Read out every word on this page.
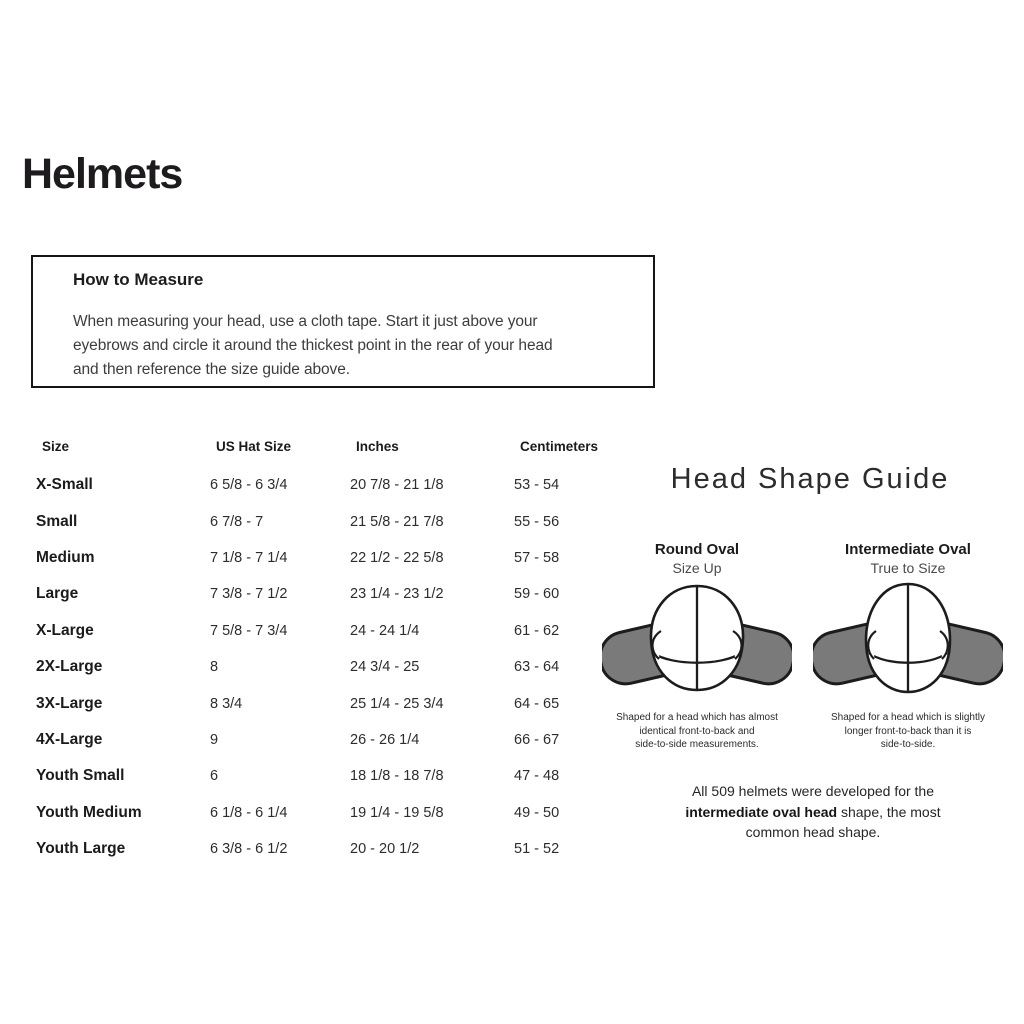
Helmets
How to Measure
When measuring your head, use a cloth tape. Start it just above your
eyebrows and circle it around the thickest point in the rear of your head
and then reference the size guide above.
Size	US Hat Size	Inches	Centimeters
X-Small	6 5/8 - 6 3/4	20 7/8 - 21 1/8	53 - 54
Small	6 7/8 - 7	21 5/8 - 21 7/8	55 - 56
Medium	7 1/8 - 7 1/4	22 1/2 - 22 5/8	57 - 58
Large	7 3/8 - 7 1/2	23 1/4 - 23 1/2	59 - 60
X-Large	7 5/8 - 7 3/4	24 - 24 1/4	61 - 62
2X-Large	8	24 3/4 - 25	63 - 64
3X-Large	8 3/4	25 1/4 - 25 3/4	64 - 65
4X-Large	9	26 - 26 1/4	66 - 67
Youth Small	6	18 1/8 - 18 7/8	47 - 48
Youth Medium	6 1/8 - 6 1/4	19 1/4 - 19 5/8	49 - 50
Youth Large	6 3/8 - 6 1/2	20 - 20 1/2	51 - 52
Head Shape Guide
Round Oval
Size Up
Shaped for a head which has almost
identical front-to-back and
side-to-side measurements.
Intermediate Oval
True to Size
Shaped for a head which is slightly
longer front-to-back than it is
side-to-side.
All 509 helmets were developed for the
intermediate oval head shape, the most
common head shape.
